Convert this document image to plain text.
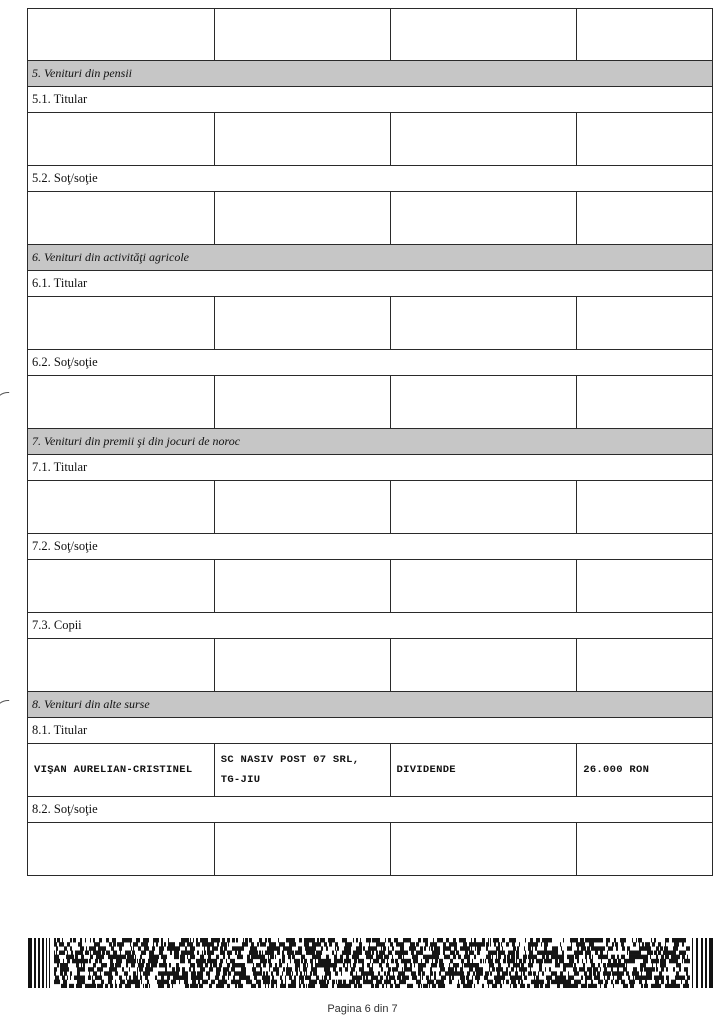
5. Venituri din pensii
5.1. Titular
5.2. Soţ/soţie
6. Venituri din activităţi agricole
6.1. Titular
6.2. Soţ/soţie
7. Venituri din premii şi din jocuri de noroc
7.1. Titular
7.2. Soţ/soţie
7.3. Copii
8. Venituri din alte surse
8.1. Titular
VIŞAN AURELIAN-CRISTINEL
SC NASIV POST 07 SRL,
TG-JIU
DIVIDENDE	26.000 RON
8.2. Soţ/soţie
Pagina 6 din 7
